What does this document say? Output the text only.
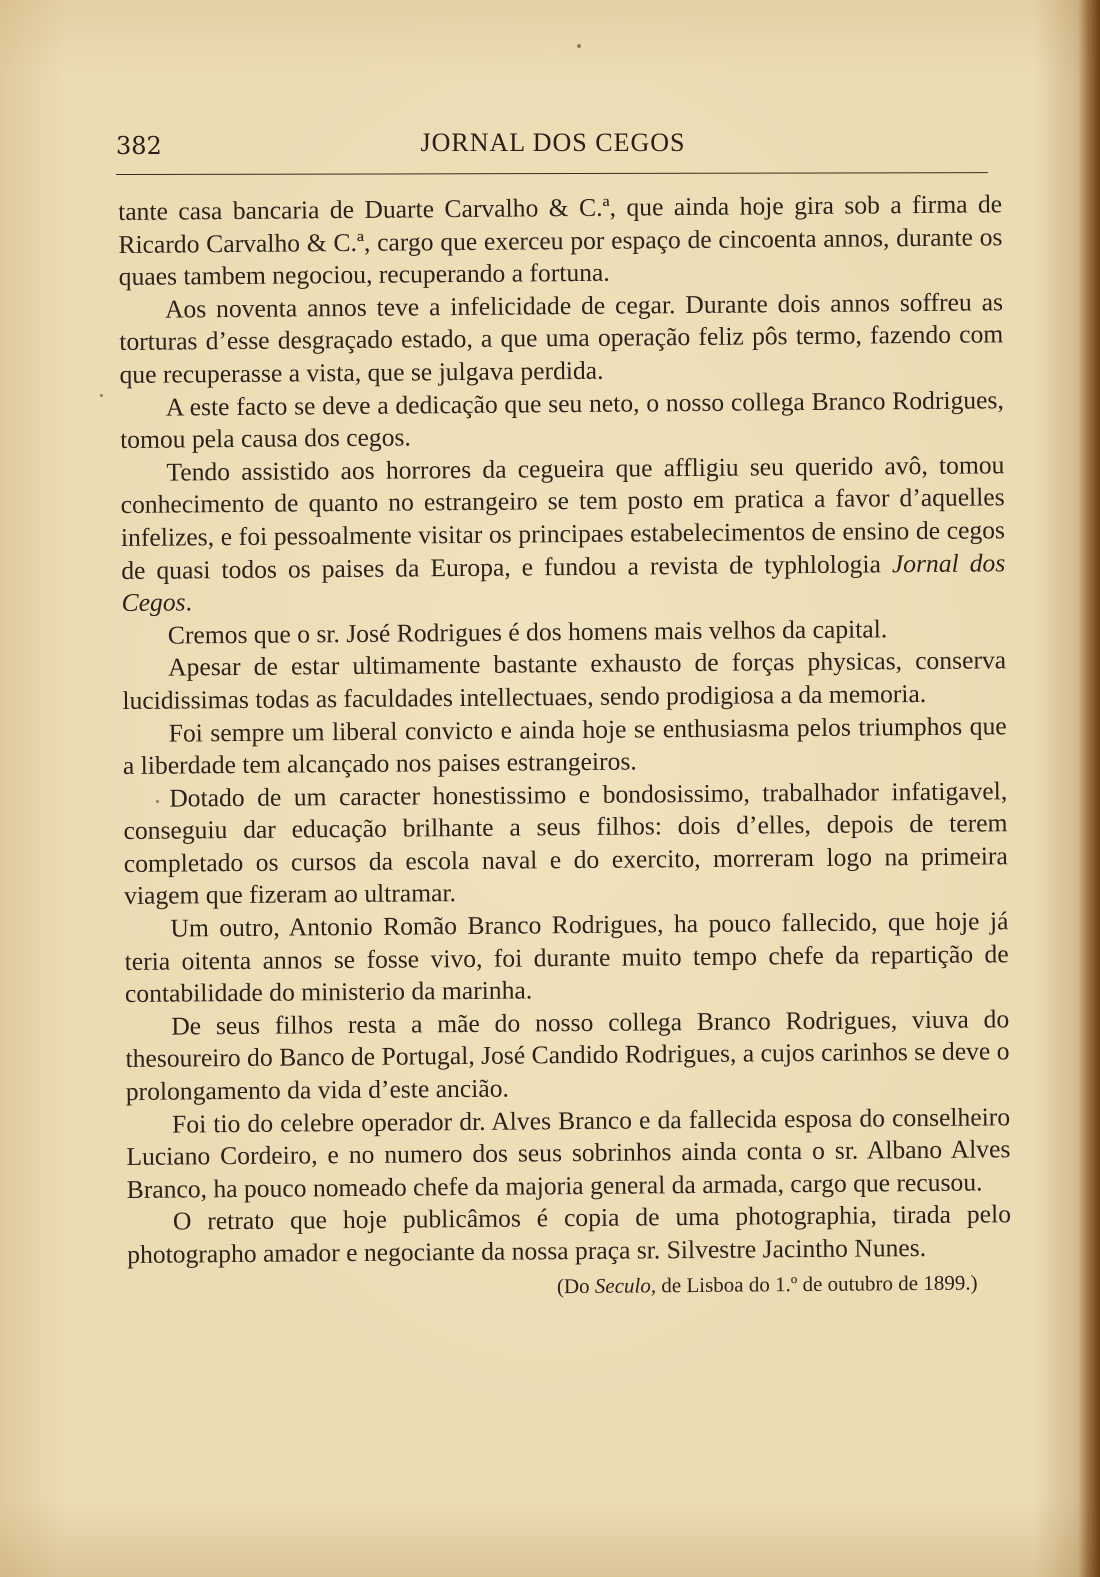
382	JORNAL DOS CEGOS

tante casa bancaria de Duarte Carvalho & C.ª, que ainda hoje gira sob a firma de Ricardo Carvalho & C.ª, cargo que exerceu por espaço de cincoenta annos, durante os quaes tambem negociou, recuperando a fortuna.

Aos noventa annos teve a infelicidade de cegar. Durante dois annos soffreu as torturas d’esse desgraçado estado, a que uma operação feliz pôs termo, fazendo com que recuperasse a vista, que se julgava perdida.

A este facto se deve a dedicação que seu neto, o nosso collega Branco Rodrigues, tomou pela causa dos cegos.

Tendo assistido aos horrores da cegueira que affligiu seu querido avô, tomou conhecimento de quanto no estrangeiro se tem posto em pratica a favor d’aquelles infelizes, e foi pessoalmente visitar os principaes estabelecimentos de ensino de cegos de quasi todos os paises da Europa, e fundou a revista de typhlologia Jornal dos Cegos.

Cremos que o sr. José Rodrigues é dos homens mais velhos da capital.

Apesar de estar ultimamente bastante exhausto de forças physicas, conserva lucidissimas todas as faculdades intellectuaes, sendo prodigiosa a da memoria.

Foi sempre um liberal convicto e ainda hoje se enthusiasma pelos triumphos que a liberdade tem alcançado nos paises estrangeiros.

Dotado de um caracter honestissimo e bondosissimo, trabalhador infatigavel, conseguiu dar educação brilhante a seus filhos: dois d’elles, depois de terem completado os cursos da escola naval e do exercito, morreram logo na primeira viagem que fizeram ao ultramar.

Um outro, Antonio Romão Branco Rodrigues, ha pouco fallecido, que hoje já teria oitenta annos se fosse vivo, foi durante muito tempo chefe da repartição de contabilidade do ministerio da marinha.

De seus filhos resta a mãe do nosso collega Branco Rodrigues, viuva do thesoureiro do Banco de Portugal, José Candido Rodrigues, a cujos carinhos se deve o prolongamento da vida d’este ancião.

Foi tio do celebre operador dr. Alves Branco e da fallecida esposa do conselheiro Luciano Cordeiro, e no numero dos seus sobrinhos ainda conta o sr. Albano Alves Branco, ha pouco nomeado chefe da majoria general da armada, cargo que recusou.

O retrato que hoje publicâmos é copia de uma photographia, tirada pelo photographo amador e negociante da nossa praça sr. Silvestre Jacintho Nunes.

(Do Seculo, de Lisboa do 1.º de outubro de 1899.)
